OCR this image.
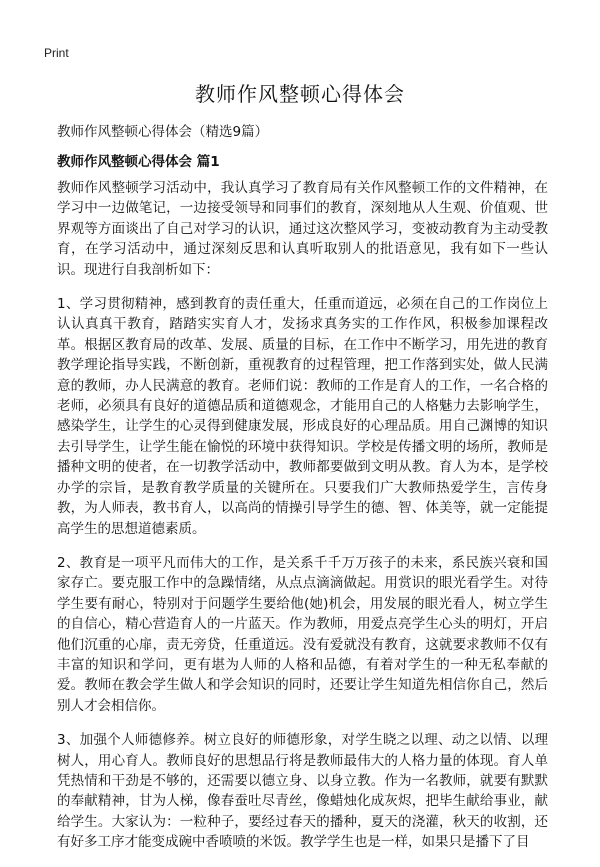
Print
教师作风整顿心得体会

教师作风整顿心得体会（精选9篇）

教师作风整顿心得体会 篇1

教师作风整顿学习活动中，我认真学习了教育局有关作风整顿工作的文件精神，在学习中一边做笔记，一边接受领导和同事们的教育，深刻地从人生观、价值观、世界观等方面谈出了自己对学习的认识，通过这次整风学习，变被动教育为主动受教育，在学习活动中，通过深刻反思和认真听取别人的批语意见，我有如下一些认识。现进行自我剖析如下：

1、学习贯彻精神，感到教育的责任重大，任重而道远，必须在自己的工作岗位上认认真真干教育，踏踏实实育人才，发扬求真务实的工作作风，积极参加课程改革。根据区教育局的改革、发展、质量的目标，在工作中不断学习，用先进的教育教学理论指导实践，不断创新，重视教育的过程管理，把工作落到实处，做人民满意的教师，办人民满意的教育。老师们说：教师的工作是育人的工作，一名合格的老师，必须具有良好的道德品质和道德观念，才能用自己的人格魅力去影响学生，感染学生，让学生的心灵得到健康发展，形成良好的心理品质。用自己渊博的知识去引导学生，让学生能在愉悦的环境中获得知识。学校是传播文明的场所，教师是播种文明的使者，在一切教学活动中，教师都要做到文明从教。育人为本，是学校办学的宗旨，是教育教学质量的关键所在。只要我们广大教师热爱学生，言传身教，为人师表，教书育人，以高尚的情操引导学生的德、智、体美等，就一定能提高学生的思想道德素质。

2、教育是一项平凡而伟大的工作，是关系千千万万孩子的未来，系民族兴衰和国家存亡。要克服工作中的急躁情绪，从点点滴滴做起。用赏识的眼光看学生。对待学生要有耐心，特别对于问题学生要给他(她)机会，用发展的眼光看人，树立学生的自信心，精心营造育人的一片蓝天。作为教师，用爱点亮学生心头的明灯，开启他们沉重的心扉，责无旁贷，任重道远。没有爱就没有教育，这就要求教师不仅有丰富的知识和学问，更有堪为人师的人格和品德，有着对学生的一种无私奉献的爱。教师在教会学生做人和学会知识的同时，还要让学生知道先相信你自己，然后别人才会相信你。

3、加强个人师德修养。树立良好的师德形象，对学生晓之以理、动之以情、以理树人，用心育人。教师良好的思想品行将是教师最伟大的人格力量的体现。育人单凭热情和干劲是不够的，还需要以德立身、以身立教。作为一名教师，就要有默默的奉献精神，甘为人梯，像春蚕吐尽青丝，像蜡烛化成灰烬，把毕生献给事业，献给学生。大家认为：一粒种子，要经过春天的播种，夏天的浇灌，秋天的收割，还有好多工序才能变成碗中香喷喷的米饭。教学学生也是一样，如果只是播下了目
